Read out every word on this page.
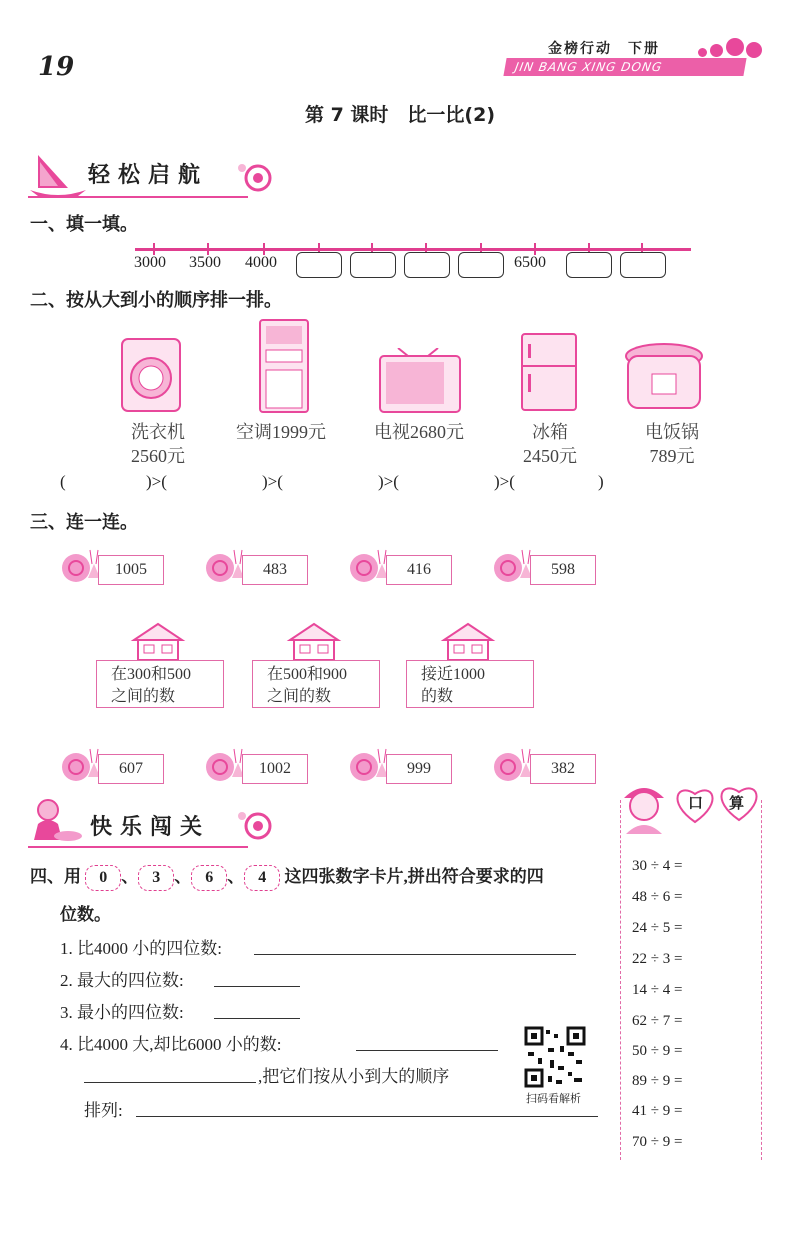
19
金榜行动　下册
JIN BANG XING DONG
第 7 课时　比一比(2)
轻松启航
一、填一填。
3000 3500 4000	6500
二、按从大到小的顺序排一排。
洗衣机
2560元
空调1999元	电视2680元	冰箱
2450元
电饭锅
789元
(	)>(	)>(	)>(	)>(	)
三、连一连。
1005	483	416	598
在300和500
之间的数
在500和900
之间的数
接近1000
的数
607	1002	999	382
快乐闯关
四、用 0 、 3 、 6 、 4 这四张数字卡片,拼出符合要求的四
位数。
1. 比4000 小的四位数:
2. 最大的四位数:
3. 最小的四位数:
4. 比4000 大,却比6000 小的数:
,把它们按从小到大的顺序
排列:
扫码看解析
口算
30 ÷ 4 =
48 ÷ 6 =
24 ÷ 5 =
22 ÷ 3 =
14 ÷ 4 =
62 ÷ 7 =
50 ÷ 9 =
89 ÷ 9 =
41 ÷ 9 =
70 ÷ 9 =
